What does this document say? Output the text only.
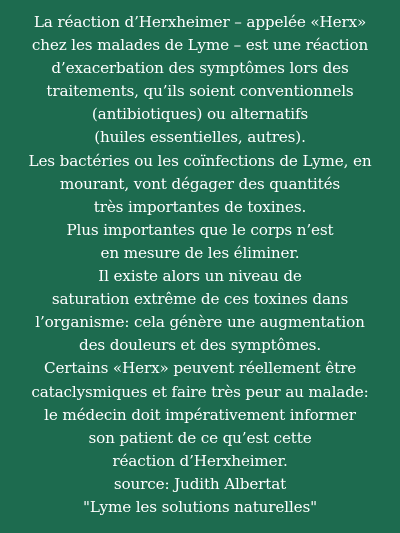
La réaction d’Herxheimer – appelée «Herx»
chez les malades de Lyme – est une réaction
d’exacerbation des symptômes lors des
traitements, qu’ils soient conventionnels
(antibiotiques) ou alternatifs
(huiles essentielles, autres).
Les bactéries ou les coïnfections de Lyme, en
mourant, vont dégager des quantités
très importantes de toxines.
Plus importantes que le corps n’est
en mesure de les éliminer.
Il existe alors un niveau de
saturation extrême de ces toxines dans
l’organisme: cela génère une augmentation
des douleurs et des symptômes.
Certains «Herx» peuvent réellement être
cataclysmiques et faire très peur au malade:
le médecin doit impérativement informer
son patient de ce qu’est cette
réaction d’Herxheimer.
source: Judith Albertat
"Lyme les solutions naturelles"
